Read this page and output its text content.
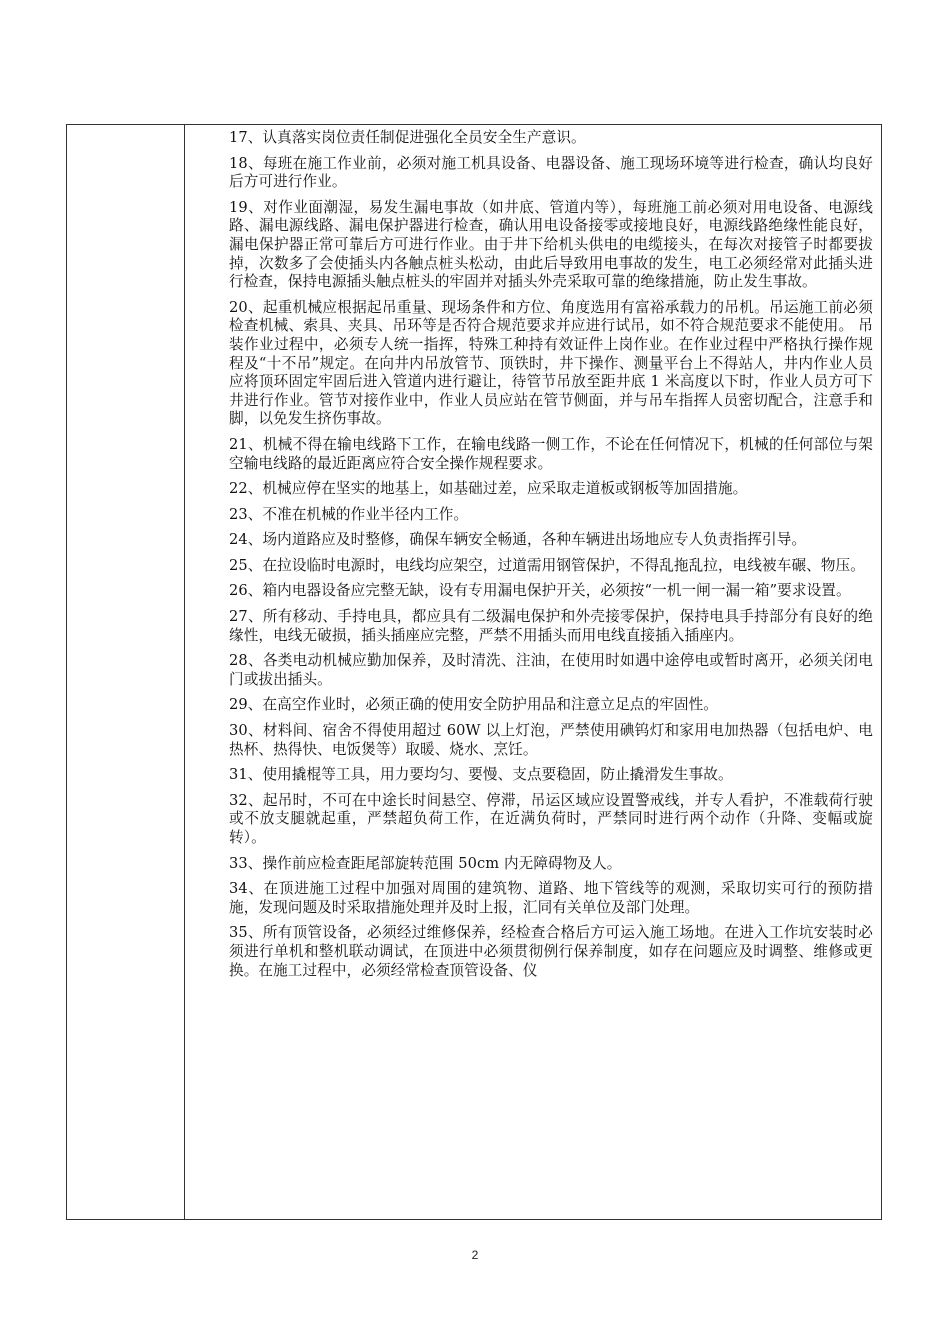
17、认真落实岗位责任制促进强化全员安全生产意识。

18、每班在施工作业前，必须对施工机具设备、电器设备、施工现场环境等进行检查，确认均良好后方可进行作业。

19、对作业面潮湿，易发生漏电事故（如井底、管道内等），每班施工前必须对用电设备、电源线路、漏电源线路、漏电保护器进行检查，确认用电设备接零或接地良好，电源线路绝缘性能良好，漏电保护器正常可靠后方可进行作业。由于井下给机头供电的电缆接头，在每次对接管子时都要拔掉，次数多了会使插头内各触点桩头松动，由此后导致用电事故的发生，电工必须经常对此插头进行检查，保持电源插头触点桩头的牢固并对插头外壳采取可靠的绝缘措施，防止发生事故。

20、起重机械应根据起吊重量、现场条件和方位、角度选用有富裕承载力的吊机。吊运施工前必须检查机械、索具、夹具、吊环等是否符合规范要求并应进行试吊，如不符合规范要求不能使用。 吊装作业过程中，必须专人统一指挥，特殊工种持有效证件上岗作业。在作业过程中严格执行操作规程及“十不吊”规定。在向井内吊放管节、顶铁时，井下操作、测量平台上不得站人，井内作业人员应将顶环固定牢固后进入管道内进行避让，待管节吊放至距井底 1 米高度以下时，作业人员方可下井进行作业。管节对接作业中，作业人员应站在管节侧面，并与吊车指挥人员密切配合，注意手和脚，以免发生挤伤事故。

21、机械不得在输电线路下工作，在输电线路一侧工作，不论在任何情况下，机械的任何部位与架空输电线路的最近距离应符合安全操作规程要求。

22、机械应停在坚实的地基上，如基础过差，应采取走道板或钢板等加固措施。

23、不准在机械的作业半径内工作。

24、场内道路应及时整修，确保车辆安全畅通，各种车辆进出场地应专人负责指挥引导。

25、在拉设临时电源时，电线均应架空，过道需用钢管保护，不得乱拖乱拉，电线被车碾、物压。

26、箱内电器设备应完整无缺，设有专用漏电保护开关，必须按“一机一闸一漏一箱”要求设置。

27、所有移动、手持电具，都应具有二级漏电保护和外壳接零保护，保持电具手持部分有良好的绝缘性，电线无破损，插头插座应完整，严禁不用插头而用电线直接插入插座内。

28、各类电动机械应勤加保养，及时清洗、注油，在使用时如遇中途停电或暂时离开，必须关闭电门或拔出插头。

29、在高空作业时，必须正确的使用安全防护用品和注意立足点的牢固性。

30、材料间、宿舍不得使用超过 60W 以上灯泡，严禁使用碘钨灯和家用电加热器（包括电炉、电热杯、热得快、电饭煲等）取暖、烧水、烹饪。

31、使用撬棍等工具，用力要均匀、要慢、支点要稳固，防止撬滑发生事故。

32、起吊时，不可在中途长时间悬空、停滞，吊运区域应设置警戒线，并专人看护，不准载荷行驶或不放支腿就起重，严禁超负荷工作，在近满负荷时，严禁同时进行两个动作（升降、变幅或旋转）。

33、操作前应检查距尾部旋转范围 50cm 内无障碍物及人。

34、在顶进施工过程中加强对周围的建筑物、道路、地下管线等的观测，采取切实可行的预防措施，发现问题及时采取措施处理并及时上报，汇同有关单位及部门处理。

35、所有顶管设备，必须经过维修保养，经检查合格后方可运入施工场地。在进入工作坑安装时必须进行单机和整机联动调试，在顶进中必须贯彻例行保养制度，如存在问题应及时调整、维修或更换。在施工过程中，必须经常检查顶管设备、仪

2
